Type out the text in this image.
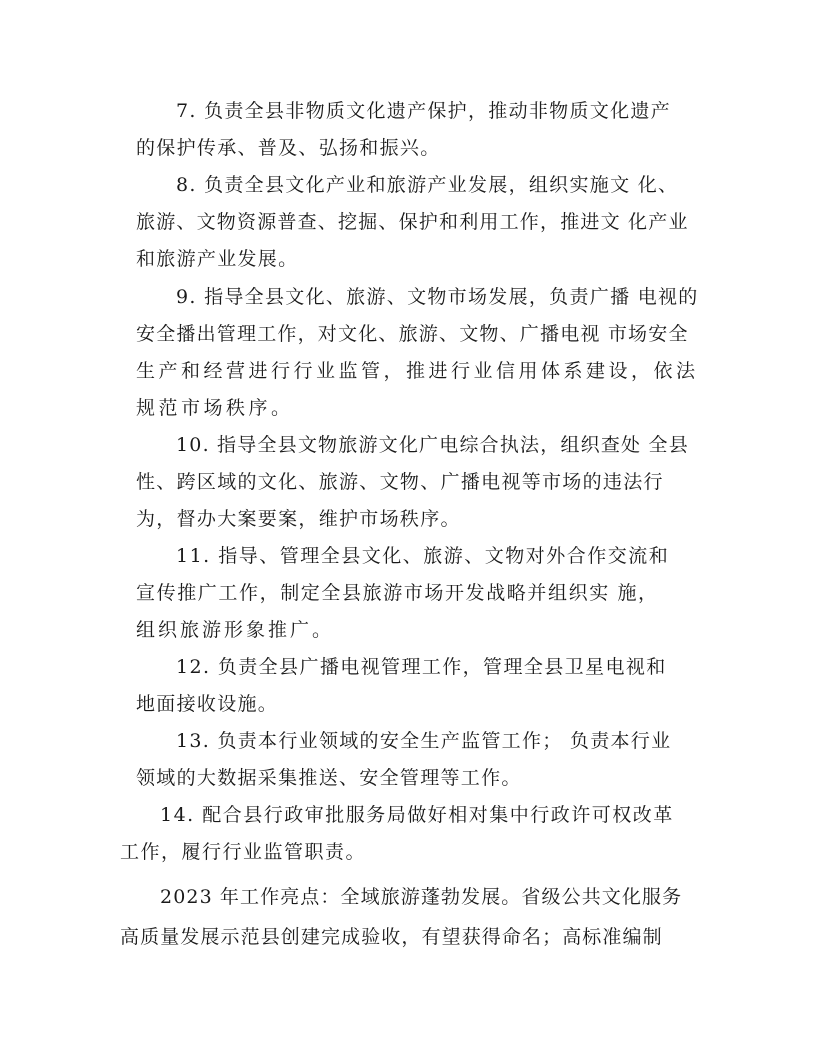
7. 负责全县非物质文化遗产保护，推动非物质文化遗产
的保护传承、普及、弘扬和振兴。
8. 负责全县文化产业和旅游产业发展，组织实施文 化、
旅游、文物资源普查、挖掘、保护和利用工作，推进文 化产业
和旅游产业发展。
9. 指导全县文化、旅游、文物市场发展，负责广播 电视的
安全播出管理工作，对文化、旅游、文物、广播电视 市场安全
生产和经营进行行业监管，推进行业信用体系建设，依法
规范市场秩序。
10. 指导全县文物旅游文化广电综合执法，组织查处 全县
性、跨区域的文化、旅游、文物、广播电视等市场的违法行
为，督办大案要案，维护市场秩序。
11. 指导、管理全县文化、旅游、文物对外合作交流和
宣传推广工作，制定全县旅游市场开发战略并组织实 施，
组织旅游形象推广。
12. 负责全县广播电视管理工作，管理全县卫星电视和
地面接收设施。
13. 负责本行业领域的安全生产监管工作； 负责本行业
领域的大数据采集推送、安全管理等工作。
14. 配合县行政审批服务局做好相对集中行政许可权改革
工作，履行行业监管职责。
2023 年工作亮点：全域旅游蓬勃发展。省级公共文化服务
高质量发展示范县创建完成验收，有望获得命名；高标准编制
